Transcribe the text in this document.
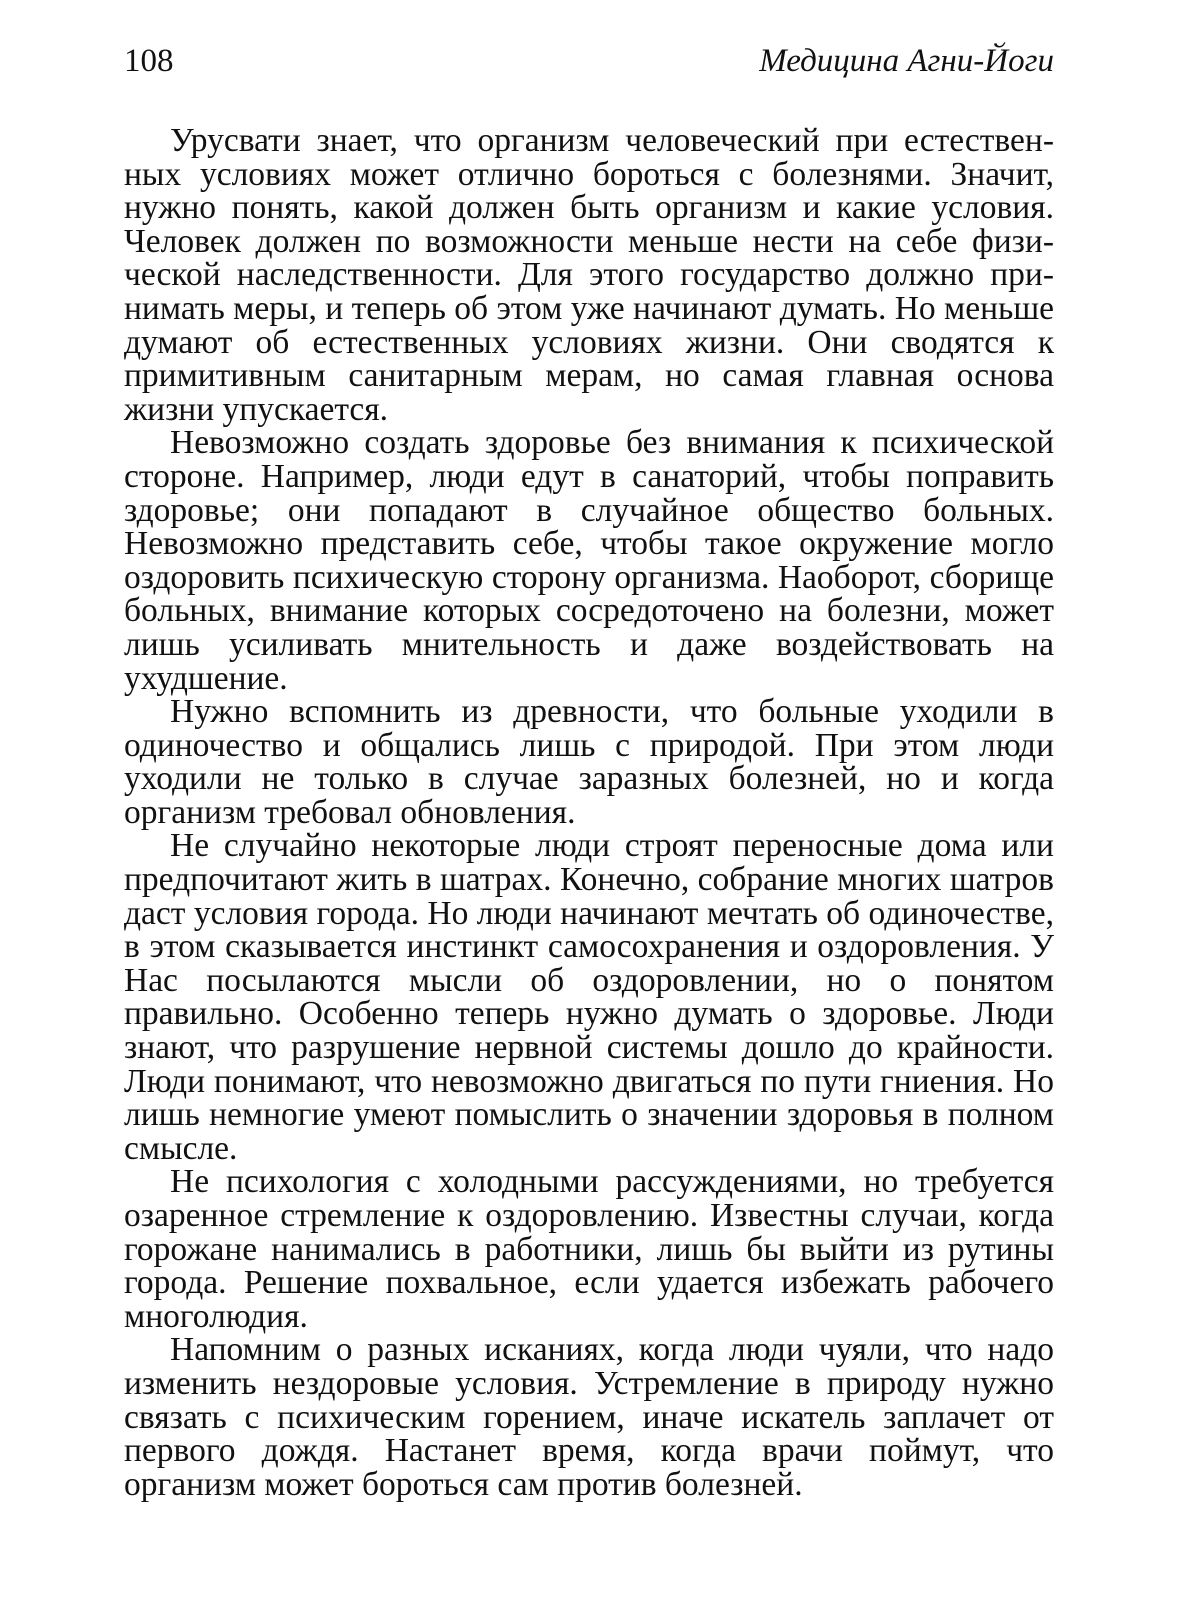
108	Медицина Агни-Йоги

Урусвати знает, что организм человеческий при естественных условиях может отлично бороться с болезнями. Значит, нужно понять, какой должен быть организм и какие условия. Человек должен по возможности меньше нести на себе физической наследственности. Для этого государство должно принимать меры, и теперь об этом уже начинают думать. Но меньше думают об естественных условиях жизни. Они сводятся к примитивным санитарным мерам, но самая главная основа жизни упускается.

Невозможно создать здоровье без внимания к психической стороне. Например, люди едут в санаторий, чтобы поправить здоровье; они попадают в случайное общество больных. Невозможно представить себе, чтобы такое окружение могло оздоровить психическую сторону организма. Наоборот, сборище больных, внимание которых сосредоточено на болезни, может лишь усиливать мнительность и даже воздействовать на ухудшение.

Нужно вспомнить из древности, что больные уходили в одиночество и общались лишь с природой. При этом люди уходили не только в случае заразных болезней, но и когда организм требовал обновления.

Не случайно некоторые люди строят переносные дома или предпочитают жить в шатрах. Конечно, собрание многих шатров даст условия города. Но люди начинают мечтать об одиночестве, в этом сказывается инстинкт самосохранения и оздоровления. У Нас посылаются мысли об оздоровлении, но о понятом правильно. Особенно теперь нужно думать о здоровье. Люди знают, что разрушение нервной системы дошло до крайности. Люди понимают, что невозможно двигаться по пути гниения. Но лишь немногие умеют помыслить о значении здоровья в полном смысле.

Не психология с холодными рассуждениями, но требуется озаренное стремление к оздоровлению. Известны случаи, когда горожане нанимались в работники, лишь бы выйти из рутины города. Решение похвальное, если удается избежать рабочего многолюдия.

Напомним о разных исканиях, когда люди чуяли, что надо изменить нездоровые условия. Устремление в природу нужно связать с психическим горением, иначе искатель заплачет от первого дождя. Настанет время, когда врачи поймут, что организм может бороться сам против болезней.
